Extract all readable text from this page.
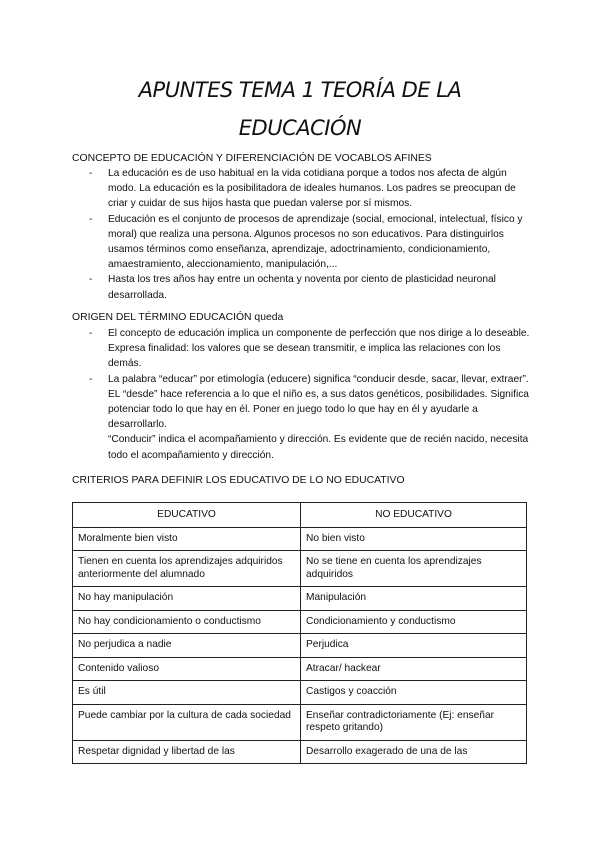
APUNTES TEMA 1 TEORÍA DE LA
EDUCACIÓN
CONCEPTO DE EDUCACIÓN Y DIFERENCIACIÓN DE VOCABLOS AFINES
- La educación es de uso habitual en la vida cotidiana porque a todos nos afecta de algún modo. La educación es la posibilitadora de ideales humanos. Los padres se preocupan de criar y cuidar de sus hijos hasta que puedan valerse por sí mismos.
- Educación es el conjunto de procesos de aprendizaje (social, emocional, intelectual, físico y moral) que realiza una persona. Algunos procesos no son educativos. Para distinguirlos usamos términos como enseñanza, aprendizaje, adoctrinamiento, condicionamiento, amaestramiento, aleccionamiento, manipulación,...
- Hasta los tres años hay entre un ochenta y noventa por ciento de plasticidad neuronal desarrollada.
ORIGEN DEL TÉRMINO EDUCACIÓN queda
- El concepto de educación implica un componente de perfección que nos dirige a lo deseable. Expresa finalidad: los valores que se desean transmitir, e implica las relaciones con los demás.
- La palabra “educar” por etimología (educere) significa “conducir desde, sacar, llevar, extraer”. EL “desde” hace referencia a lo que el niño es, a sus datos genéticos, posibilidades. Significa potenciar todo lo que hay en él. Poner en juego todo lo que hay en él y ayudarle a desarrollarlo.
“Conducir” indica el acompañamiento y dirección. Es evidente que de recién nacido, necesita todo el acompañamiento y dirección.
CRITERIOS PARA DEFINIR LOS EDUCATIVO DE LO NO EDUCATIVO
EDUCATIVO	NO EDUCATIVO
Moralmente bien visto	No bien visto
Tienen en cuenta los aprendizajes adquiridos anteriormente del alumnado	No se tiene en cuenta los aprendizajes adquiridos
No hay manipulación	Manipulación
No hay condicionamiento o conductismo	Condicionamiento y conductismo
No perjudica a nadie	Perjudica
Contenido valioso	Atracar/ hackear
Es útil	Castigos y coacción
Puede cambiar por la cultura de cada sociedad	Enseñar contradictoriamente (Ej: enseñar respeto gritando)
Respetar dignidad y libertad de las	Desarrollo exagerado de una de las
